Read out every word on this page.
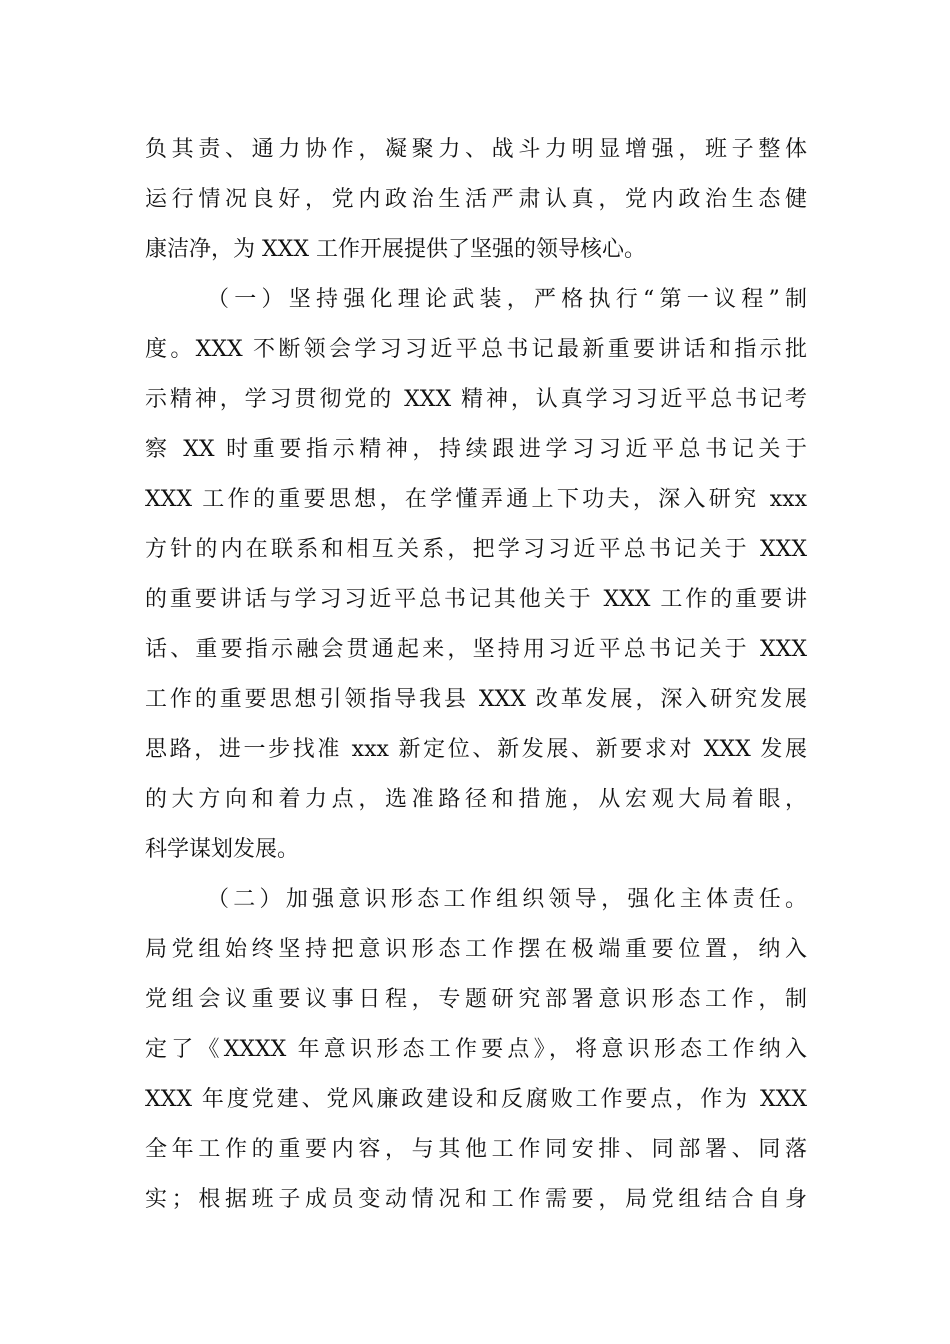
负其责、通力协作，凝聚力、战斗力明显增强，班子整体
运行情况良好，党内政治生活严肃认真，党内政治生态健
康洁净，为 XXX 工作开展提供了坚强的领导核心。
（一）坚持强化理论武装，严格执行“第一议程”制
度。XXX 不断领会学习习近平总书记最新重要讲话和指示批
示精神，学习贯彻党的 XXX 精神，认真学习习近平总书记考
察 XX 时重要指示精神，持续跟进学习习近平总书记关于
XXX 工作的重要思想，在学懂弄通上下功夫，深入研究 xxx
方针的内在联系和相互关系，把学习习近平总书记关于 XXX
的重要讲话与学习习近平总书记其他关于 XXX 工作的重要讲
话、重要指示融会贯通起来，坚持用习近平总书记关于 XXX
工作的重要思想引领指导我县 XXX 改革发展，深入研究发展
思路，进一步找准 xxx 新定位、新发展、新要求对 XXX 发展
的大方向和着力点，选准路径和措施，从宏观大局着眼，
科学谋划发展。
（二）加强意识形态工作组织领导，强化主体责任。
局党组始终坚持把意识形态工作摆在极端重要位置，纳入
党组会议重要议事日程，专题研究部署意识形态工作，制
定了《XXXX 年意识形态工作要点》，将意识形态工作纳入
XXX 年度党建、党风廉政建设和反腐败工作要点，作为 XXX
全年工作的重要内容，与其他工作同安排、同部署、同落
实；根据班子成员变动情况和工作需要，局党组结合自身
